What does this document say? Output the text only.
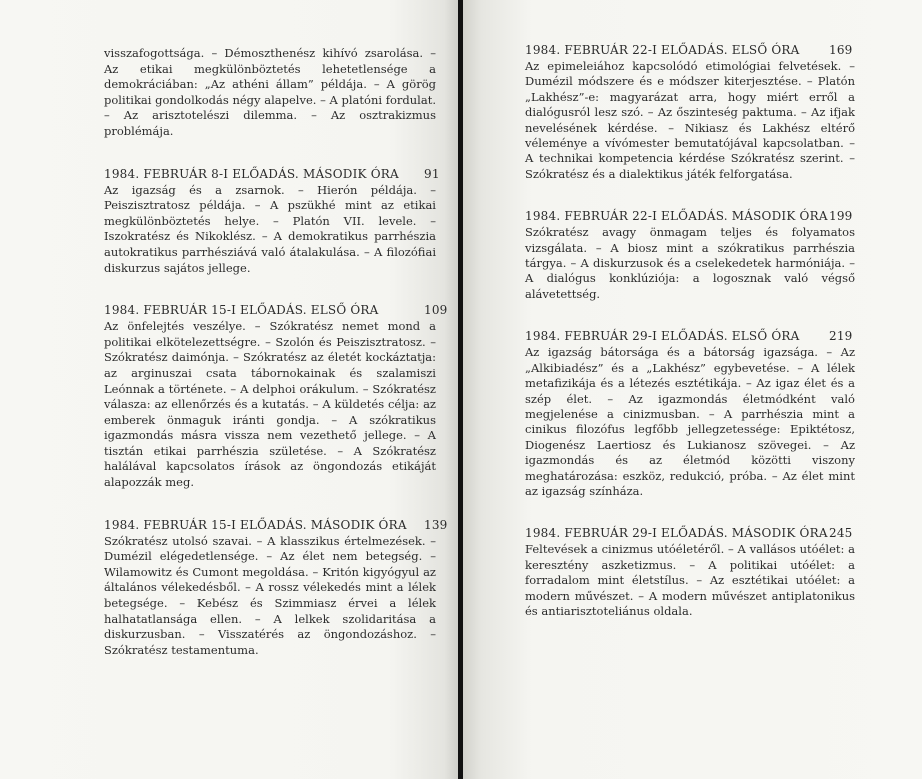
visszafogottsága. – Démoszthenész kihívó zsarolása. – Az etikai megkülönböztetés lehetetlensége a demokráciában: „Az athéni állam” példája. – A görög politikai gondolkodás négy alapelve. – A platóni fordulat. – Az arisztotelészi dilemma. – Az osztrakizmus problémája.

1984. FEBRUÁR 8-I ELŐADÁS. MÁSODIK ÓRA 91

Az igazság és a zsarnok. – Hierón példája. – Peiszisztratosz példája. – A pszükhé mint az etikai megkülönböztetés helye. – Platón VII. levele. – Iszokratész és Nikoklész. – A demokratikus parrhészia autokratikus parrhésziává való átalakulása. – A filozófiai diskurzus sajátos jellege.

1984. FEBRUÁR 15-I ELŐADÁS. ELSŐ ÓRA	109

Az önfelejtés veszélye. – Szókratész nemet mond a politikai elkötelezettségre. – Szolón és Peiszisztratosz. – Szókratész daimónja. – Szókratész az életét kockáztatja: az arginuszai csata tábornokainak és szalamiszi Leónnak a története. – A delphoi orákulum. – Szókratész válasza: az ellenőrzés és a kutatás. – A küldetés célja: az emberek önmaguk iránti gondja. – A szókratikus igazmondás másra vissza nem vezethető jellege. – A tisztán etikai parrhészia születése. – A Szókratész halálával kapcsolatos írások az öngondozás etikáját alapozzák meg.

1984. FEBRUÁR 15-I ELŐADÁS. MÁSODIK ÓRA 139

Szókratész utolsó szavai. – A klasszikus értelmezések. – Dumézil elégedetlensége. – Az élet nem betegség. – Wilamowitz és Cumont megoldása. – Kritón kigyógyul az általános vélekedésből. – A rossz vélekedés mint a lélek betegsége. – Kebész és Szimmiasz érvei a lélek halhatatlansága ellen. – A lelkek szolidaritása a diskurzusban. – Visszatérés az öngondozáshoz. – Szókratész testamentuma.

1984. FEBRUÁR 22-I ELŐADÁS. ELSŐ ÓRA 169

Az epimeleiához kapcsolódó etimológiai felvetések. – Dumézil módszere és e módszer kiterjesztése. – Platón „Lakhész”-e: magyarázat arra, hogy miért erről a dialógusról lesz szó. – Az őszinteség paktuma. – Az ifjak nevelésének kérdése. – Nikiasz és Lakhész eltérő véleménye a vívómester bemutatójával kapcsolatban. – A technikai kompetencia kérdése Szókratész szerint. – Szókratész és a dialektikus játék felforgatása.

1984. FEBRUÁR 22-I ELŐADÁS. MÁSODIK ÓRA 199

Szókratész avagy önmagam teljes és folyamatos vizsgálata. – A biosz mint a szókratikus parrhészia tárgya. – A diskurzusok és a cselekedetek harmóniája. – A dialógus konklúziója: a logosznak való végső alávetettség.

1984. FEBRUÁR 29-I ELŐADÁS. ELSŐ ÓRA 219

Az igazság bátorsága és a bátorság igazsága. – Az „Alkibiadész” és a „Lakhész” egybevetése. – A lélek metafizikája és a létezés esztétikája. – Az igaz élet és a szép élet. – Az igazmondás életmódként való megjelenése a cinizmusban. – A parrhészia mint a cinikus filozófus legfőbb jellegzetessége: Epiktétosz, Diogenész Laertiosz és Lukianosz szövegei. – Az igazmondás és az életmód közötti viszony meghatározása: eszköz, redukció, próba. – Az élet mint az igazság színháza.

1984. FEBRUÁR 29-I ELŐADÁS. MÁSODIK ÓRA 245

Feltevések a cinizmus utóéletéről. – A vallásos utóélet: a keresztény aszketizmus. – A politikai utóélet: a forradalom mint életstílus. – Az esztétikai utóélet: a modern művészet. – A modern művészet antiplatonikus és antiarisztoteliánus oldala.
